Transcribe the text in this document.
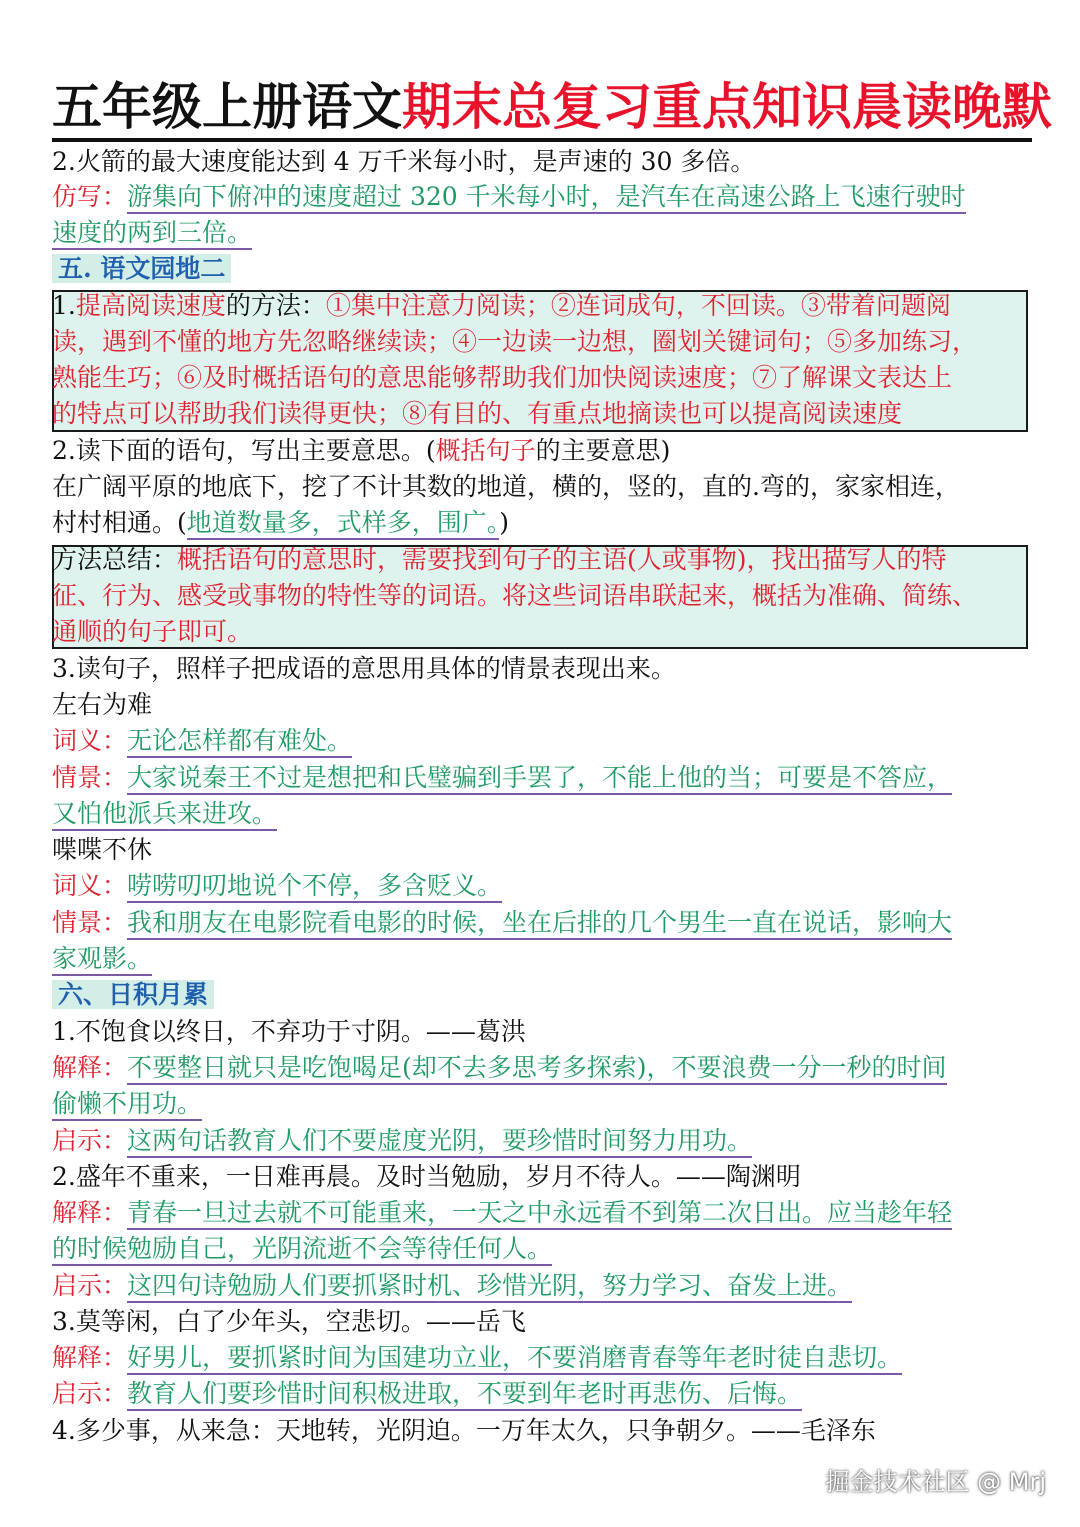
五年级上册语文期末总复习重点知识晨读晚默
2.火箭的最大速度能达到 4 万千米每小时，是声速的 30 多倍。
仿写：游集向下俯冲的速度超过 320 千米每小时，是汽车在高速公路上飞速行驶时
速度的两到三倍。
五. 语文园地二
1.提高阅读速度的方法：①集中注意力阅读；②连词成句，不回读。③带着问题阅
读，遇到不懂的地方先忽略继续读；④一边读一边想，圈划关键词句；⑤多加练习，
熟能生巧；⑥及时概括语句的意思能够帮助我们加快阅读速度；⑦了解课文表达上
的特点可以帮助我们读得更快；⑧有目的、有重点地摘读也可以提高阅读速度
2.读下面的语句，写出主要意思。(概括句子的主要意思)
在广阔平原的地底下，挖了不计其数的地道，横的，竖的，直的.弯的，家家相连，
村村相通。(地道数量多，式样多，围广。)
方法总结：概括语句的意思时，需要找到句子的主语(人或事物)，找出描写人的特
征、行为、感受或事物的特性等的词语。将这些词语串联起来，概括为准确、简练、
通顺的句子即可。
3.读句子，照样子把成语的意思用具体的情景表现出来。
左右为难
词义：无论怎样都有难处。
情景：大家说秦王不过是想把和氏璧骗到手罢了，不能上他的当；可要是不答应，
又怕他派兵来进攻。
喋喋不休
词义：唠唠叨叨地说个不停，多含贬义。
情景：我和朋友在电影院看电影的时候，坐在后排的几个男生一直在说话，影响大
家观影。
六、日积月累
1.不饱食以终日，不弃功于寸阴。——葛洪
解释：不要整日就只是吃饱喝足(却不去多思考多探索)，不要浪费一分一秒的时间
偷懒不用功。
启示：这两句话教育人们不要虚度光阴，要珍惜时间努力用功。
2.盛年不重来，一日难再晨。及时当勉励，岁月不待人。——陶渊明
解释：青春一旦过去就不可能重来，一天之中永远看不到第二次日出。应当趁年轻
的时候勉励自己，光阴流逝不会等待任何人。
启示：这四句诗勉励人们要抓紧时机、珍惜光阴，努力学习、奋发上进。
3.莫等闲，白了少年头，空悲切。——岳飞
解释：好男儿，要抓紧时间为国建功立业，不要消磨青春等年老时徒自悲切。
启示：教育人们要珍惜时间积极进取，不要到年老时再悲伤、后悔。
4.多少事，从来急：天地转，光阴迫。一万年太久，只争朝夕。——毛泽东
掘金技术社区 @ Mrj
